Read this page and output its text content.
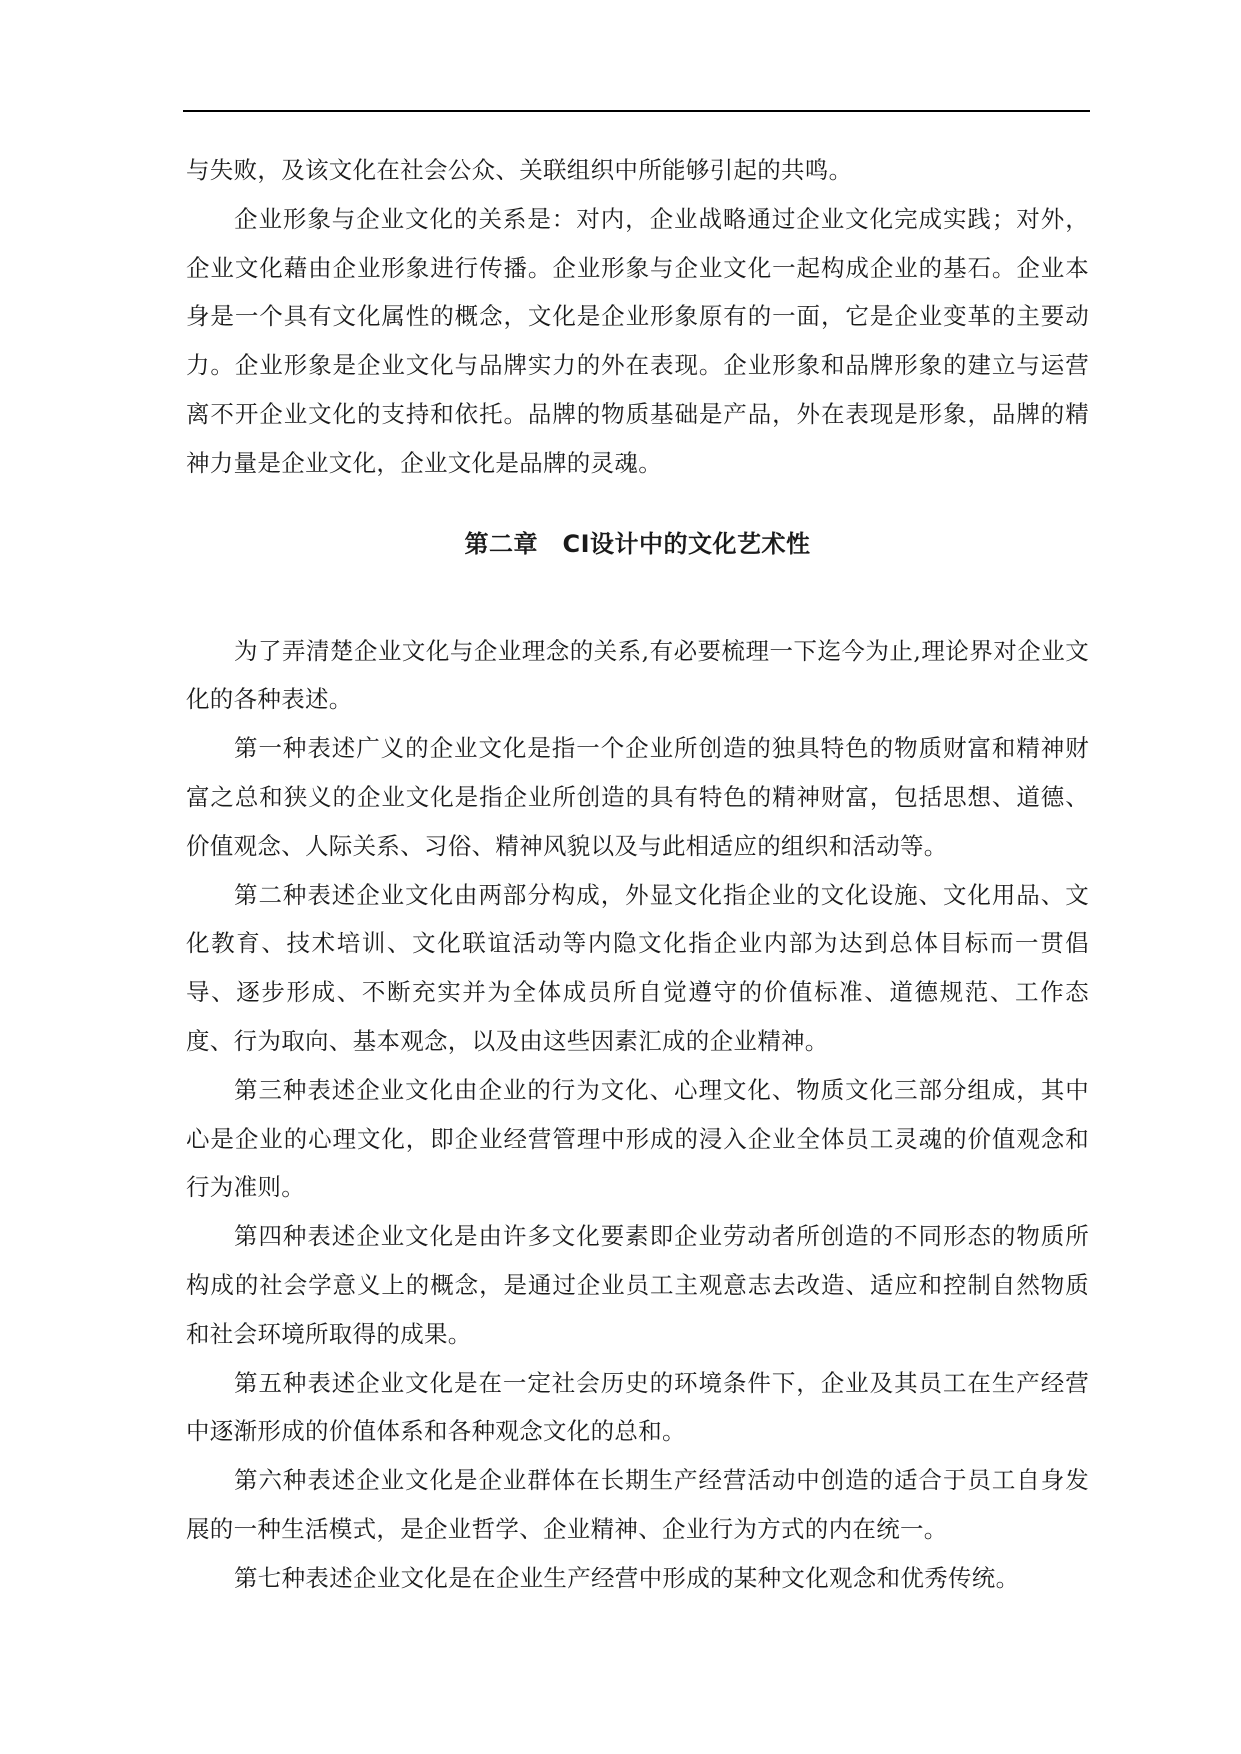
与失败，及该文化在社会公众、关联组织中所能够引起的共鸣。

企业形象与企业文化的关系是：对内，企业战略通过企业文化完成实践；对外，企业文化藉由企业形象进行传播。企业形象与企业文化一起构成企业的基石。企业本身是一个具有文化属性的概念，文化是企业形象原有的一面，它是企业变革的主要动力。企业形象是企业文化与品牌实力的外在表现。企业形象和品牌形象的建立与运营离不开企业文化的支持和依托。品牌的物质基础是产品，外在表现是形象，品牌的精神力量是企业文化，企业文化是品牌的灵魂。

第二章　CI设计中的文化艺术性

为了弄清楚企业文化与企业理念的关系,有必要梳理一下迄今为止,理论界对企业文化的各种表述。

第一种表述广义的企业文化是指一个企业所创造的独具特色的物质财富和精神财富之总和狭义的企业文化是指企业所创造的具有特色的精神财富，包括思想、道德、价值观念、人际关系、习俗、精神风貌以及与此相适应的组织和活动等。

第二种表述企业文化由两部分构成，外显文化指企业的文化设施、文化用品、文化教育、技术培训、文化联谊活动等内隐文化指企业内部为达到总体目标而一贯倡导、逐步形成、不断充实并为全体成员所自觉遵守的价值标准、道德规范、工作态度、行为取向、基本观念，以及由这些因素汇成的企业精神。

第三种表述企业文化由企业的行为文化、心理文化、物质文化三部分组成，其中心是企业的心理文化，即企业经营管理中形成的浸入企业全体员工灵魂的价值观念和行为准则。

第四种表述企业文化是由许多文化要素即企业劳动者所创造的不同形态的物质所构成的社会学意义上的概念，是通过企业员工主观意志去改造、适应和控制自然物质和社会环境所取得的成果。

第五种表述企业文化是在一定社会历史的环境条件下，企业及其员工在生产经营中逐渐形成的价值体系和各种观念文化的总和。

第六种表述企业文化是企业群体在长期生产经营活动中创造的适合于员工自身发展的一种生活模式，是企业哲学、企业精神、企业行为方式的内在统一。

第七种表述企业文化是在企业生产经营中形成的某种文化观念和优秀传统。
